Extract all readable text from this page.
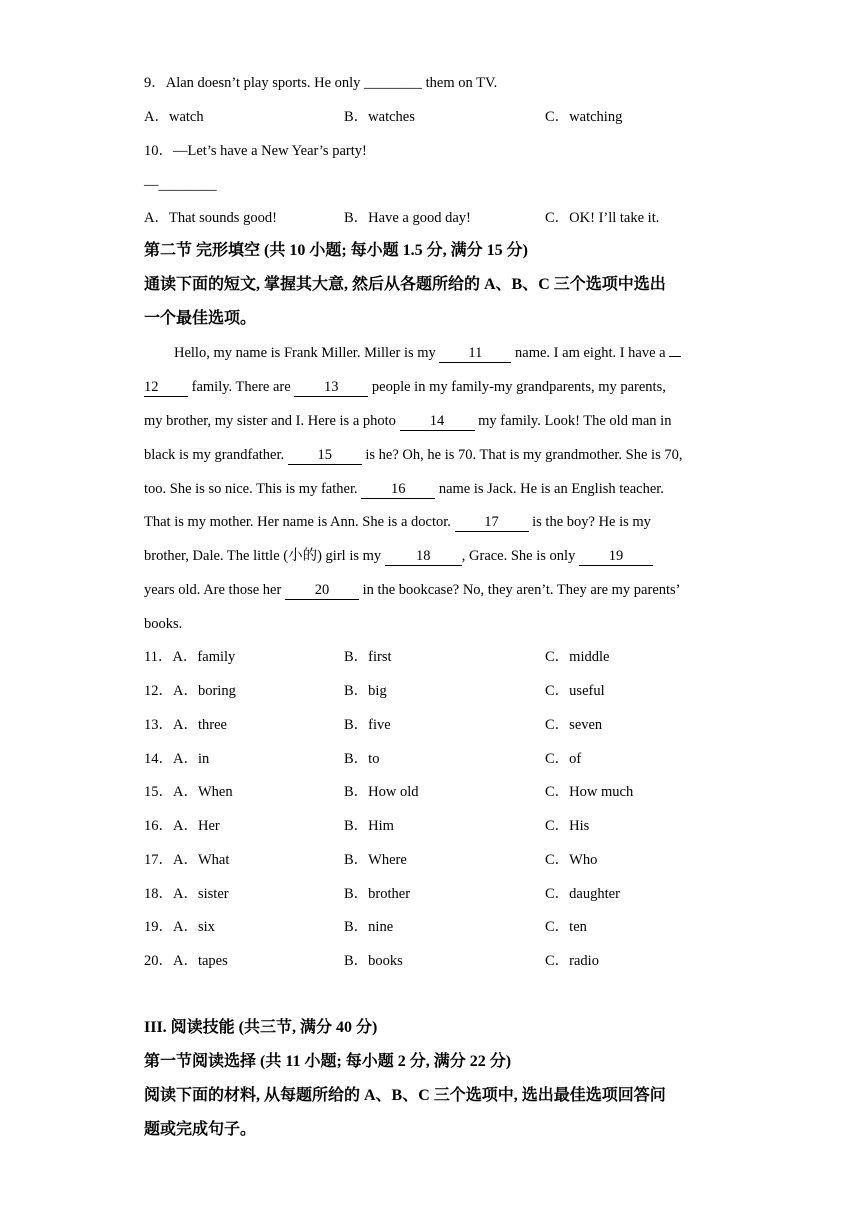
9．Alan doesn’t play sports. He only ________ them on TV.
A．watch	B．watches	C．watching
10．—Let’s have a New Year’s party!
—________
A．That sounds good!	B．Have a good day!	C．OK! I’ll take it.
第二节 完形填空 (共 10 小题; 每小题 1.5 分, 满分 15 分)
通读下面的短文, 掌握其大意, 然后从各题所给的 A、B、C 三个选项中选出
一个最佳选项。
Hello, my name is Frank Miller. Miller is my 11 name. I am eight. I have a
12 family. There are 13 people in my family-my grandparents, my parents,
my brother, my sister and I. Here is a photo 14 my family. Look! The old man in
black is my grandfather. 15 is he? Oh, he is 70. That is my grandmother. She is 70,
too. She is so nice. This is my father. 16 name is Jack. He is an English teacher.
That is my mother. Her name is Ann. She is a doctor. 17 is the boy? He is my
brother, Dale. The little (小的) girl is my 18 , Grace. She is only 19
years old. Are those her 20 in the bookcase? No, they aren’t. They are my parents’
books.
11．A．family	B．first	C．middle
12．A．boring	B．big	C．useful
13．A．three	B．five	C．seven
14．A．in	B．to	C．of
15．A．When	B．How old	C．How much
16．A．Her	B．Him	C．His
17．A．What	B．Where	C．Who
18．A．sister	B．brother	C．daughter
19．A．six	B．nine	C．ten
20．A．tapes	B．books	C．radio
III. 阅读技能 (共三节, 满分 40 分)
第一节阅读选择 (共 11 小题; 每小题 2 分, 满分 22 分)
阅读下面的材料, 从每题所给的 A、B、C 三个选项中, 选出最佳选项回答问
题或完成句子。
